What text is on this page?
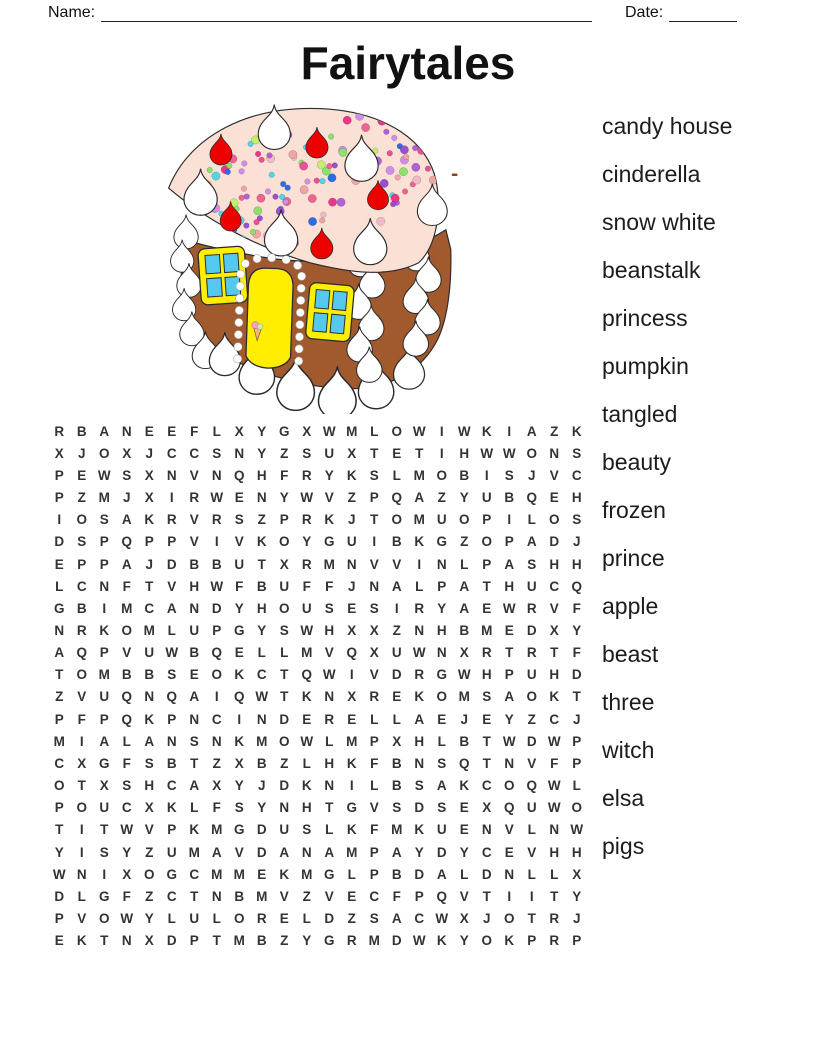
Name:	Date:
Fairytales
candy house
cinderella
snow white
beanstalk
princess
pumpkin
tangled
beauty
frozen
prince
apple
beast
three
witch
elsa
pigs
R B A N E E	F	L	X Y G X W M L O W	I	W K	I	A	Z	K
X	J O X	J	C C S N Y	Z	S U X	T	E	T	I	H W W O N S
P E W S X N V N Q H	F	R Y K S	L M O B	I	S	J	V C
P	Z M J	X	I	R W E N Y W V	Z	P Q A	Z	Y U B Q E H
I	O S A K R V R S	Z	P R K	J	T O M U O P	I	L O S
D S P Q P P V	I	V K O Y G U	I	B K G Z O P A D	J
E P P A	J	D B B U	T	X R M N V V	I	N	L	P A S H H
L	C N	F	T	V H W F	B U	F	F	J	N A	L	P A	T	H U C Q
G B	I	M C A N D Y H O U S E S	I	R Y A E W R V	F
N R K O M L	U P G Y S W H X X	Z	N H B M E D X Y
A Q P V U W B Q E	L	L M V Q X U W N X R	T	R	T	F
T O M B B S E O K C	T Q W	I	V D R G W H P U H D
Z	V U Q N Q A	I	Q W T	K N X R E K O M S A O K	T
P	F	P Q K P N C	I	N D E R E	L	L	A E	J	E Y	Z	C	J
M	I	A	L	A N S N K M O W L M P X H	L	B	T W D W P
C X G F	S B	T	Z	X B	Z	L	H K	F	B N S Q T	N V	F	P
O T	X S H C A X Y	J	D K N	I	L	B S A K C O Q W L
P O U C X K	L	F	S Y N H	T G V S D S E X Q U W O
T	I	T W V P K M G D U S	L	K	F M K U E N V	L	N W
Y	I	S Y	Z	U M A V D A N A M P A Y D Y C E V H H
W N	I	X O G C M M E K M G L	P B D A	L	D N	L	L	X
D	L G F	Z	C	T	N B M V	Z	V E C	F	P Q V	T	I	I	T	Y
P V O W Y	L	U	L O R E	L	D	Z	S A C W X	J O T	R	J
E K	T	N X D P	T M B	Z	Y G R M D W K Y O K P R P
